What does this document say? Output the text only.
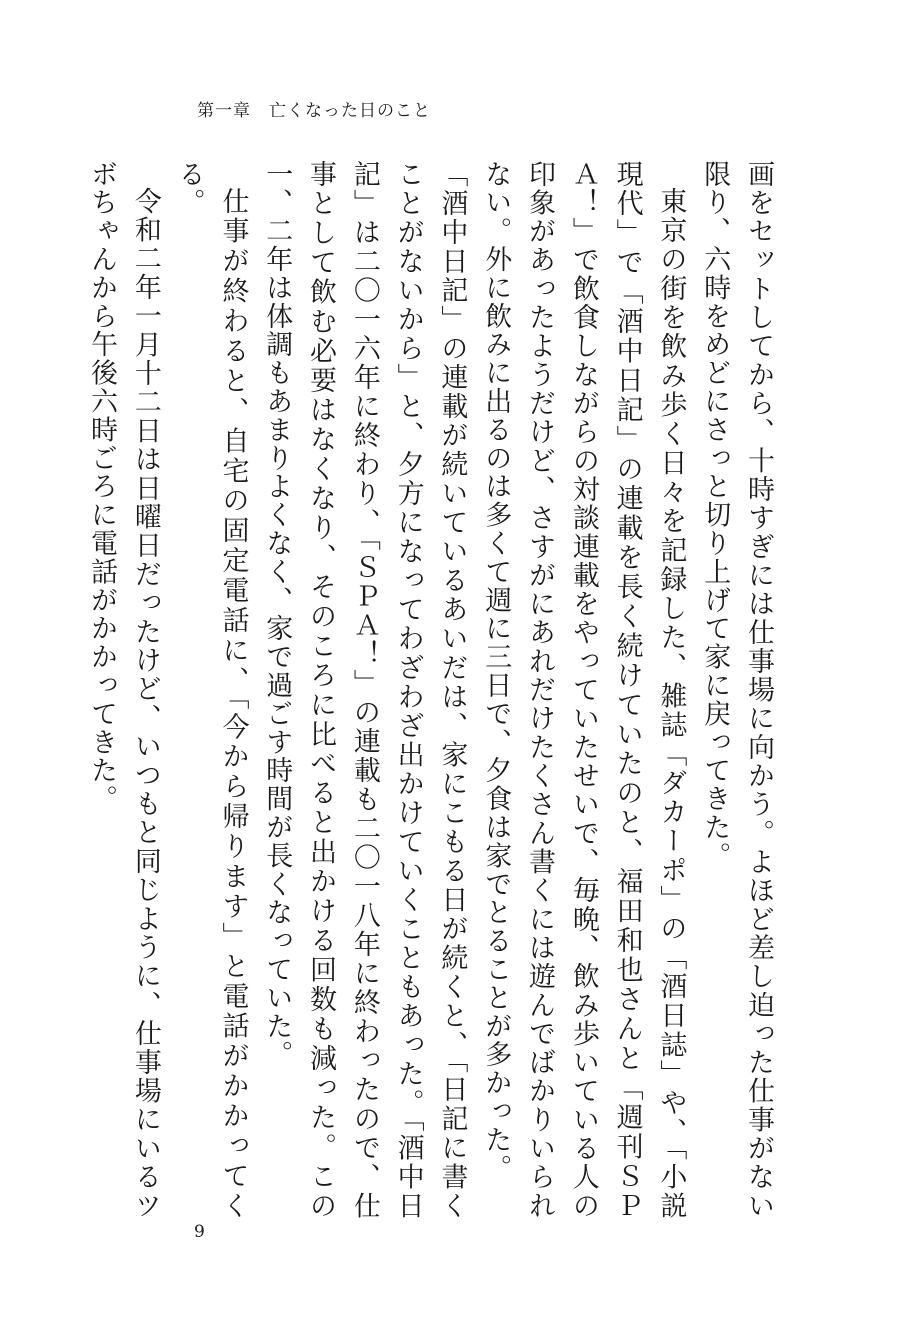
第一章　亡くなった日のこと

画をセットしてから、十時すぎには仕事場に向かう。よほど差し迫った仕事がない限り、六時をめどにさっと切り上げて家に戻ってきた。

東京の街を飲み歩く日々を記録した、雑誌「ダカーポ」の「酒日誌」や、「小説現代」で「酒中日記」の連載を長く続けていたのと、福田和也さんと「週刊ＳＰＡ！」で飲食しながらの対談連載をやっていたせいで、毎晩、飲み歩いている人の印象があったようだけど、さすがにあれだけたくさん書くには遊んでばかりいられない。外に飲みに出るのは多くて週に三日で、夕食は家でとることが多かった。

「酒中日記」の連載が続いているあいだは、家にこもる日が続くと、「日記に書くことがないから」と、夕方になってわざわざ出かけていくこともあった。「酒中日記」は二〇一六年に終わり、「ＳＰＡ！」の連載も二〇一八年に終わったので、仕事として飲む必要はなくなり、そのころに比べると出かける回数も減った。この一、二年は体調もあまりよくなく、家で過ごす時間が長くなっていた。

仕事が終わると、自宅の固定電話に、「今から帰ります」と電話がかかってくる。

令和二年一月十二日は日曜日だったけど、いつもと同じように、仕事場にいるツボちゃんから午後六時ごろに電話がかかってきた。

9
